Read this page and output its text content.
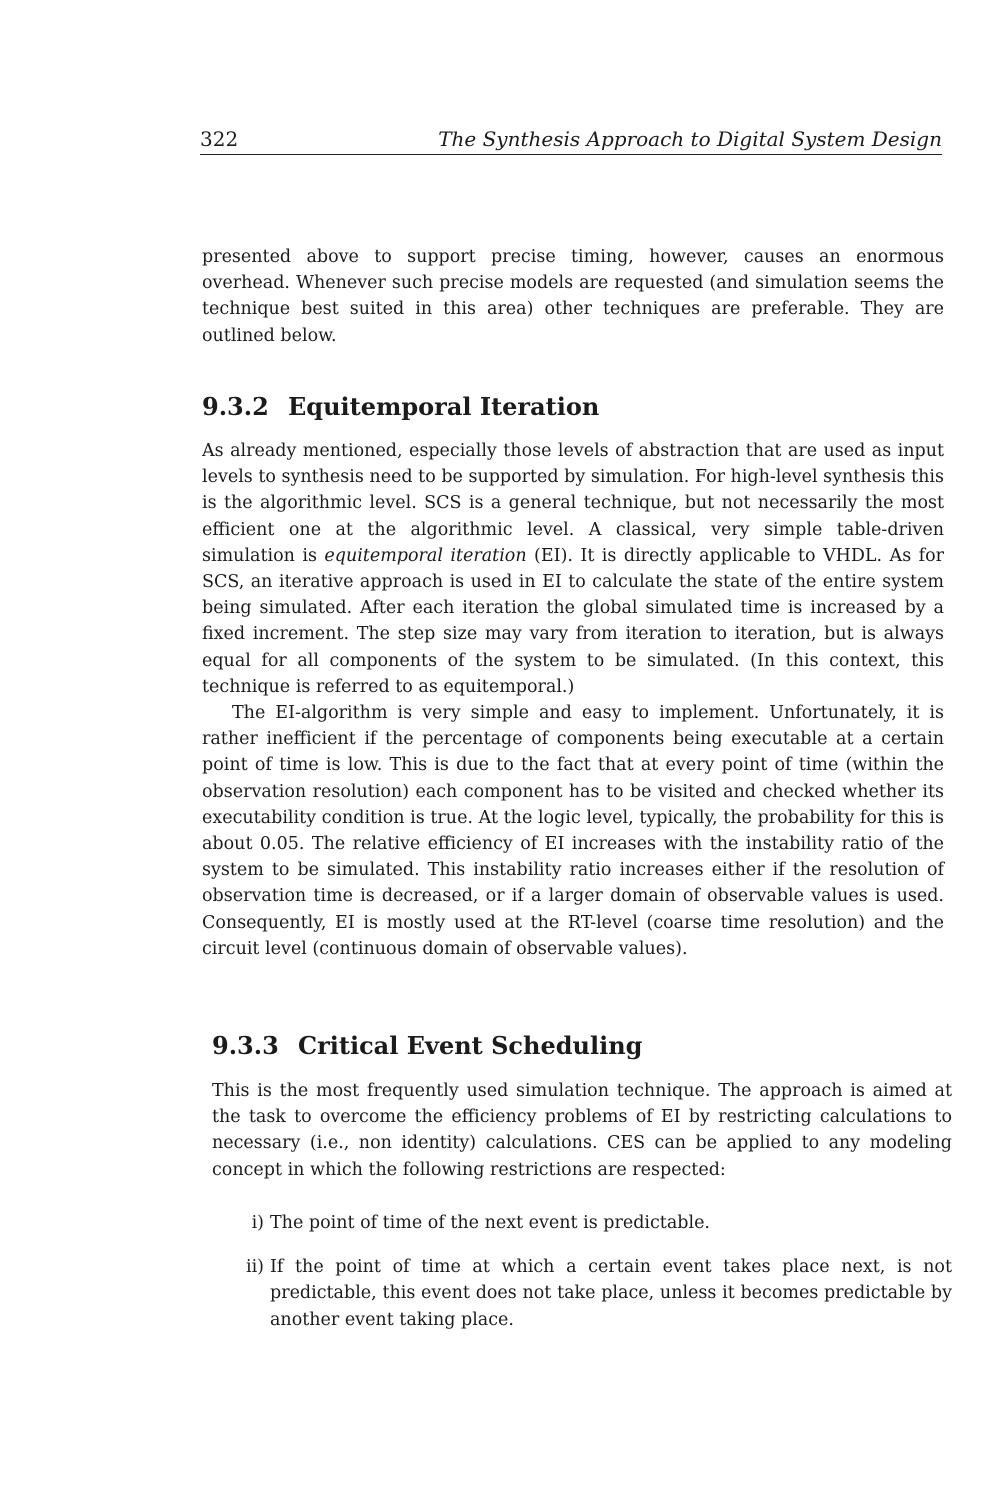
322	The Synthesis Approach to Digital System Design

presented above to support precise timing, however, causes an enormous overhead. Whenever such precise models are requested (and simulation seems the technique best suited in this area) other techniques are preferable. They are outlined below.

9.3.2 Equitemporal Iteration

As already mentioned, especially those levels of abstraction that are used as input levels to synthesis need to be supported by simulation. For high-level synthesis this is the algorithmic level. SCS is a general technique, but not necessarily the most efficient one at the algorithmic level. A classical, very simple table-driven simulation is equitemporal iteration (EI). It is directly applicable to VHDL. As for SCS, an iterative approach is used in EI to calculate the state of the entire system being simulated. After each iteration the global simulated time is increased by a fixed increment. The step size may vary from iteration to iteration, but is always equal for all components of the system to be simulated. (In this context, this technique is referred to as equitemporal.)

The EI-algorithm is very simple and easy to implement. Unfortunately, it is rather inefficient if the percentage of components being executable at a certain point of time is low. This is due to the fact that at every point of time (within the observation resolution) each component has to be visited and checked whether its executability condition is true. At the logic level, typically, the probability for this is about 0.05. The relative efficiency of EI increases with the instability ratio of the system to be simulated. This instability ratio increases either if the resolution of observation time is decreased, or if a larger domain of observable values is used. Consequently, EI is mostly used at the RT-level (coarse time resolution) and the circuit level (continuous domain of observable values).

9.3.3 Critical Event Scheduling

This is the most frequently used simulation technique. The approach is aimed at the task to overcome the efficiency problems of EI by restricting calculations to necessary (i.e., non identity) calculations. CES can be applied to any modeling concept in which the following restrictions are respected:

i) The point of time of the next event is predictable.
ii) If the point of time at which a certain event takes place next, is not predictable, this event does not take place, unless it becomes predictable by another event taking place.
